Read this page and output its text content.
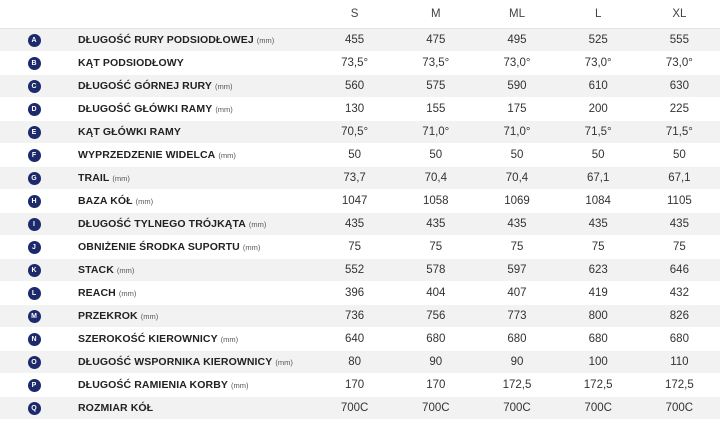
		S	M	ML	L	XL
A	DŁUGOŚĆ RURY PODSIODŁOWEJ (mm)	455	475	495	525	555
B	KĄT PODSIODŁOWY	73,5°	73,5°	73,0°	73,0°	73,0°
C	DŁUGOŚĆ GÓRNEJ RURY (mm)	560	575	590	610	630
D	DŁUGOŚĆ GŁÓWKI RAMY (mm)	130	155	175	200	225
E	KĄT GŁÓWKI RAMY	70,5°	71,0°	71,0°	71,5°	71,5°
F	WYPRZEDZENIE WIDELCA (mm)	50	50	50	50	50
G	TRAIL (mm)	73,7	70,4	70,4	67,1	67,1
H	BAZA KÓŁ (mm)	1047	1058	1069	1084	1105
I	DŁUGOŚĆ TYLNEGO TRÓJKĄTA (mm)	435	435	435	435	435
J	OBNIŻENIE ŚRODKA SUPORTU (mm)	75	75	75	75	75
K	STACK (mm)	552	578	597	623	646
L	REACH (mm)	396	404	407	419	432
M	PRZEKROK (mm)	736	756	773	800	826
N	SZEROKOŚĆ KIEROWNICY (mm)	640	680	680	680	680
O	DŁUGOŚĆ WSPORNIKA KIEROWNICY (mm)	80	90	90	100	110
P	DŁUGOŚĆ RAMIENIA KORBY (mm)	170	170	172,5	172,5	172,5
Q	ROZMIAR KÓŁ	700C	700C	700C	700C	700C
